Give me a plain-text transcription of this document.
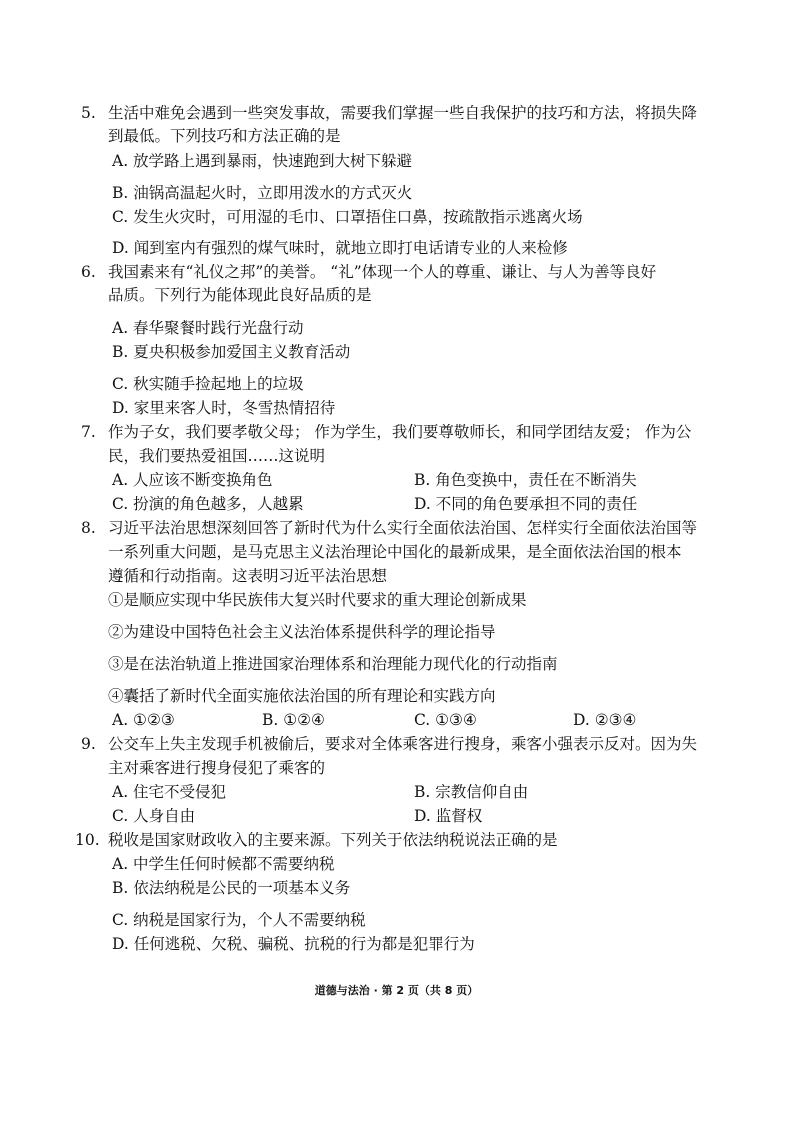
5. 生活中难免会遇到一些突发事故，需要我们掌握一些自我保护的技巧和方法，将损失降
到最低。下列技巧和方法正确的是
A. 放学路上遇到暴雨，快速跑到大树下躲避
B. 油锅高温起火时，立即用泼水的方式灭火
C. 发生火灾时，可用湿的毛巾、口罩捂住口鼻，按疏散指示逃离火场
D. 闻到室内有强烈的煤气味时，就地立即打电话请专业的人来检修
6. 我国素来有“礼仪之邦”的美誉。 “礼”体现一个人的尊重、谦让、与人为善等良好
品质。下列行为能体现此良好品质的是
A. 春华聚餐时践行光盘行动
B. 夏央积极参加爱国主义教育活动
C. 秋实随手捡起地上的垃圾
D. 家里来客人时，冬雪热情招待
7. 作为子女，我们要孝敬父母； 作为学生，我们要尊敬师长，和同学团结友爱； 作为公
民，我们要热爱祖国……这说明
A. 人应该不断变换角色	B. 角色变换中，责任在不断消失
C. 扮演的角色越多，人越累	D. 不同的角色要承担不同的责任
8. 习近平法治思想深刻回答了新时代为什么实行全面依法治国、怎样实行全面依法治国等
一系列重大问题，是马克思主义法治理论中国化的最新成果，是全面依法治国的根本
遵循和行动指南。这表明习近平法治思想
①是顺应实现中华民族伟大复兴时代要求的重大理论创新成果
②为建设中国特色社会主义法治体系提供科学的理论指导
③是在法治轨道上推进国家治理体系和治理能力现代化的行动指南
④囊括了新时代全面实施依法治国的所有理论和实践方向
A. ①②③	B. ①②④	C. ①③④	D. ②③④
9. 公交车上失主发现手机被偷后，要求对全体乘客进行搜身，乘客小强表示反对。因为失
主对乘客进行搜身侵犯了乘客的
A. 住宅不受侵犯	B. 宗教信仰自由
C. 人身自由	D. 监督权
10. 税收是国家财政收入的主要来源。下列关于依法纳税说法正确的是
A. 中学生任何时候都不需要纳税
B. 依法纳税是公民的一项基本义务
C. 纳税是国家行为，个人不需要纳税
D. 任何逃税、欠税、骗税、抗税的行为都是犯罪行为
道德与法治 · 第 2 页（共 8 页）
